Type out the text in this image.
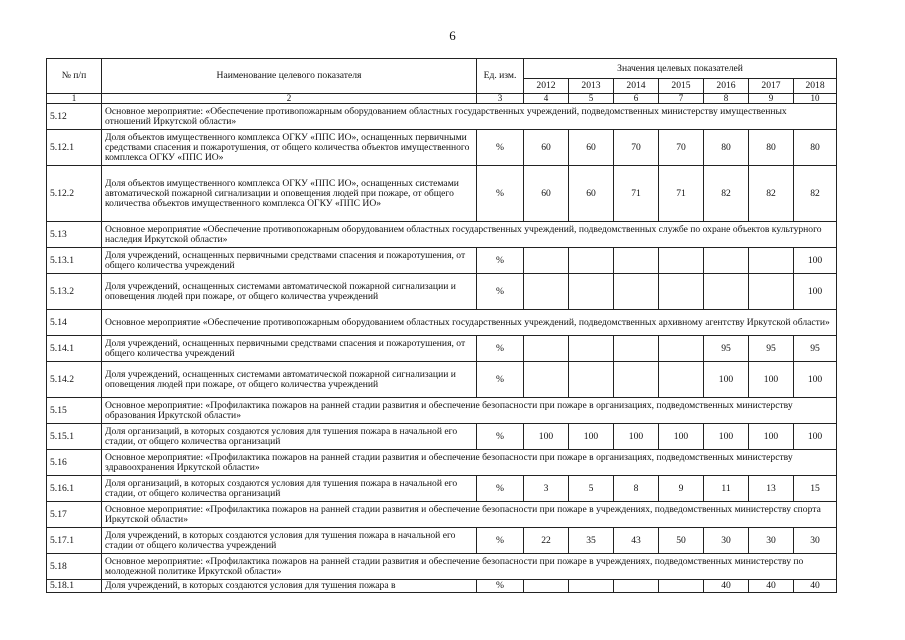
6
№ п/п	Наименование целевого показателя	Ед. изм.	Значения целевых показателей						
			2012	2013	2014	2015	2016	2017	2018
1	2	3	4	5	6	7	8	9	10
5.12	Основное мероприятие: «Обеспечение противопожарным оборудованием областных государственных учреждений, подведомственных министерству имущественных отношений Иркутской области»								
5.12.1	Доля объектов имущественного комплекса ОГКУ «ППС ИО», оснащенных первичными средствами спасения и пожаротушения, от общего количества объектов имущественного комплекса ОГКУ «ППС ИО»	%	60	60	70	70	80	80	80
5.12.2	Доля объектов имущественного комплекса ОГКУ «ППС ИО», оснащенных системами автоматической пожарной сигнализации и оповещения людей при пожаре, от общего количества объектов имущественного комплекса ОГКУ «ППС ИО»	%	60	60	71	71	82	82	82
5.13	Основное мероприятие «Обеспечение противопожарным оборудованием областных государственных учреждений, подведомственных службе по охране объектов культурного наследия Иркутской области»								
5.13.1	Доля учреждений, оснащенных первичными средствами спасения и пожаротушения, от общего количества учреждений	%							100
5.13.2	Доля учреждений, оснащенных системами автоматической пожарной сигнализации и оповещения людей при пожаре, от общего количества учреждений	%							100
5.14	Основное мероприятие «Обеспечение противопожарным оборудованием областных государственных учреждений, подведомственных архивному агентству Иркутской области»								
5.14.1	Доля учреждений, оснащенных первичными средствами спасения и пожаротушения, от общего количества учреждений	%					95	95	95
5.14.2	Доля учреждений, оснащенных системами автоматической пожарной сигнализации и оповещения людей при пожаре, от общего количества учреждений	%					100	100	100
5.15	Основное мероприятие: «Профилактика пожаров на ранней стадии развития и обеспечение безопасности при пожаре в организациях, подведомственных министерству образования Иркутской области»								
5.15.1	Доля организаций, в которых создаются условия для тушения пожара в начальной его стадии, от общего количества организаций	%	100	100	100	100	100	100	100
5.16	Основное мероприятие: «Профилактика пожаров на ранней стадии развития и обеспечение безопасности при пожаре в организациях, подведомственных министерству здравоохранения Иркутской области»								
5.16.1	Доля организаций, в которых создаются условия для тушения пожара в начальной его стадии, от общего количества организаций	%	3	5	8	9	11	13	15
5.17	Основное мероприятие: «Профилактика пожаров на ранней стадии развития и обеспечение безопасности при пожаре в учреждениях, подведомственных министерству спорта Иркутской области»								
5.17.1	Доля учреждений, в которых создаются условия для тушения пожара в начальной его стадии от общего количества учреждений	%	22	35	43	50	30	30	30
5.18	Основное мероприятие: «Профилактика пожаров на ранней стадии развития и обеспечение безопасности при пожаре в учреждениях, подведомственных министерству по молодежной политике Иркутской области»								
5.18.1	Доля учреждений, в которых создаются условия для тушения пожара в	%					40	40	40
